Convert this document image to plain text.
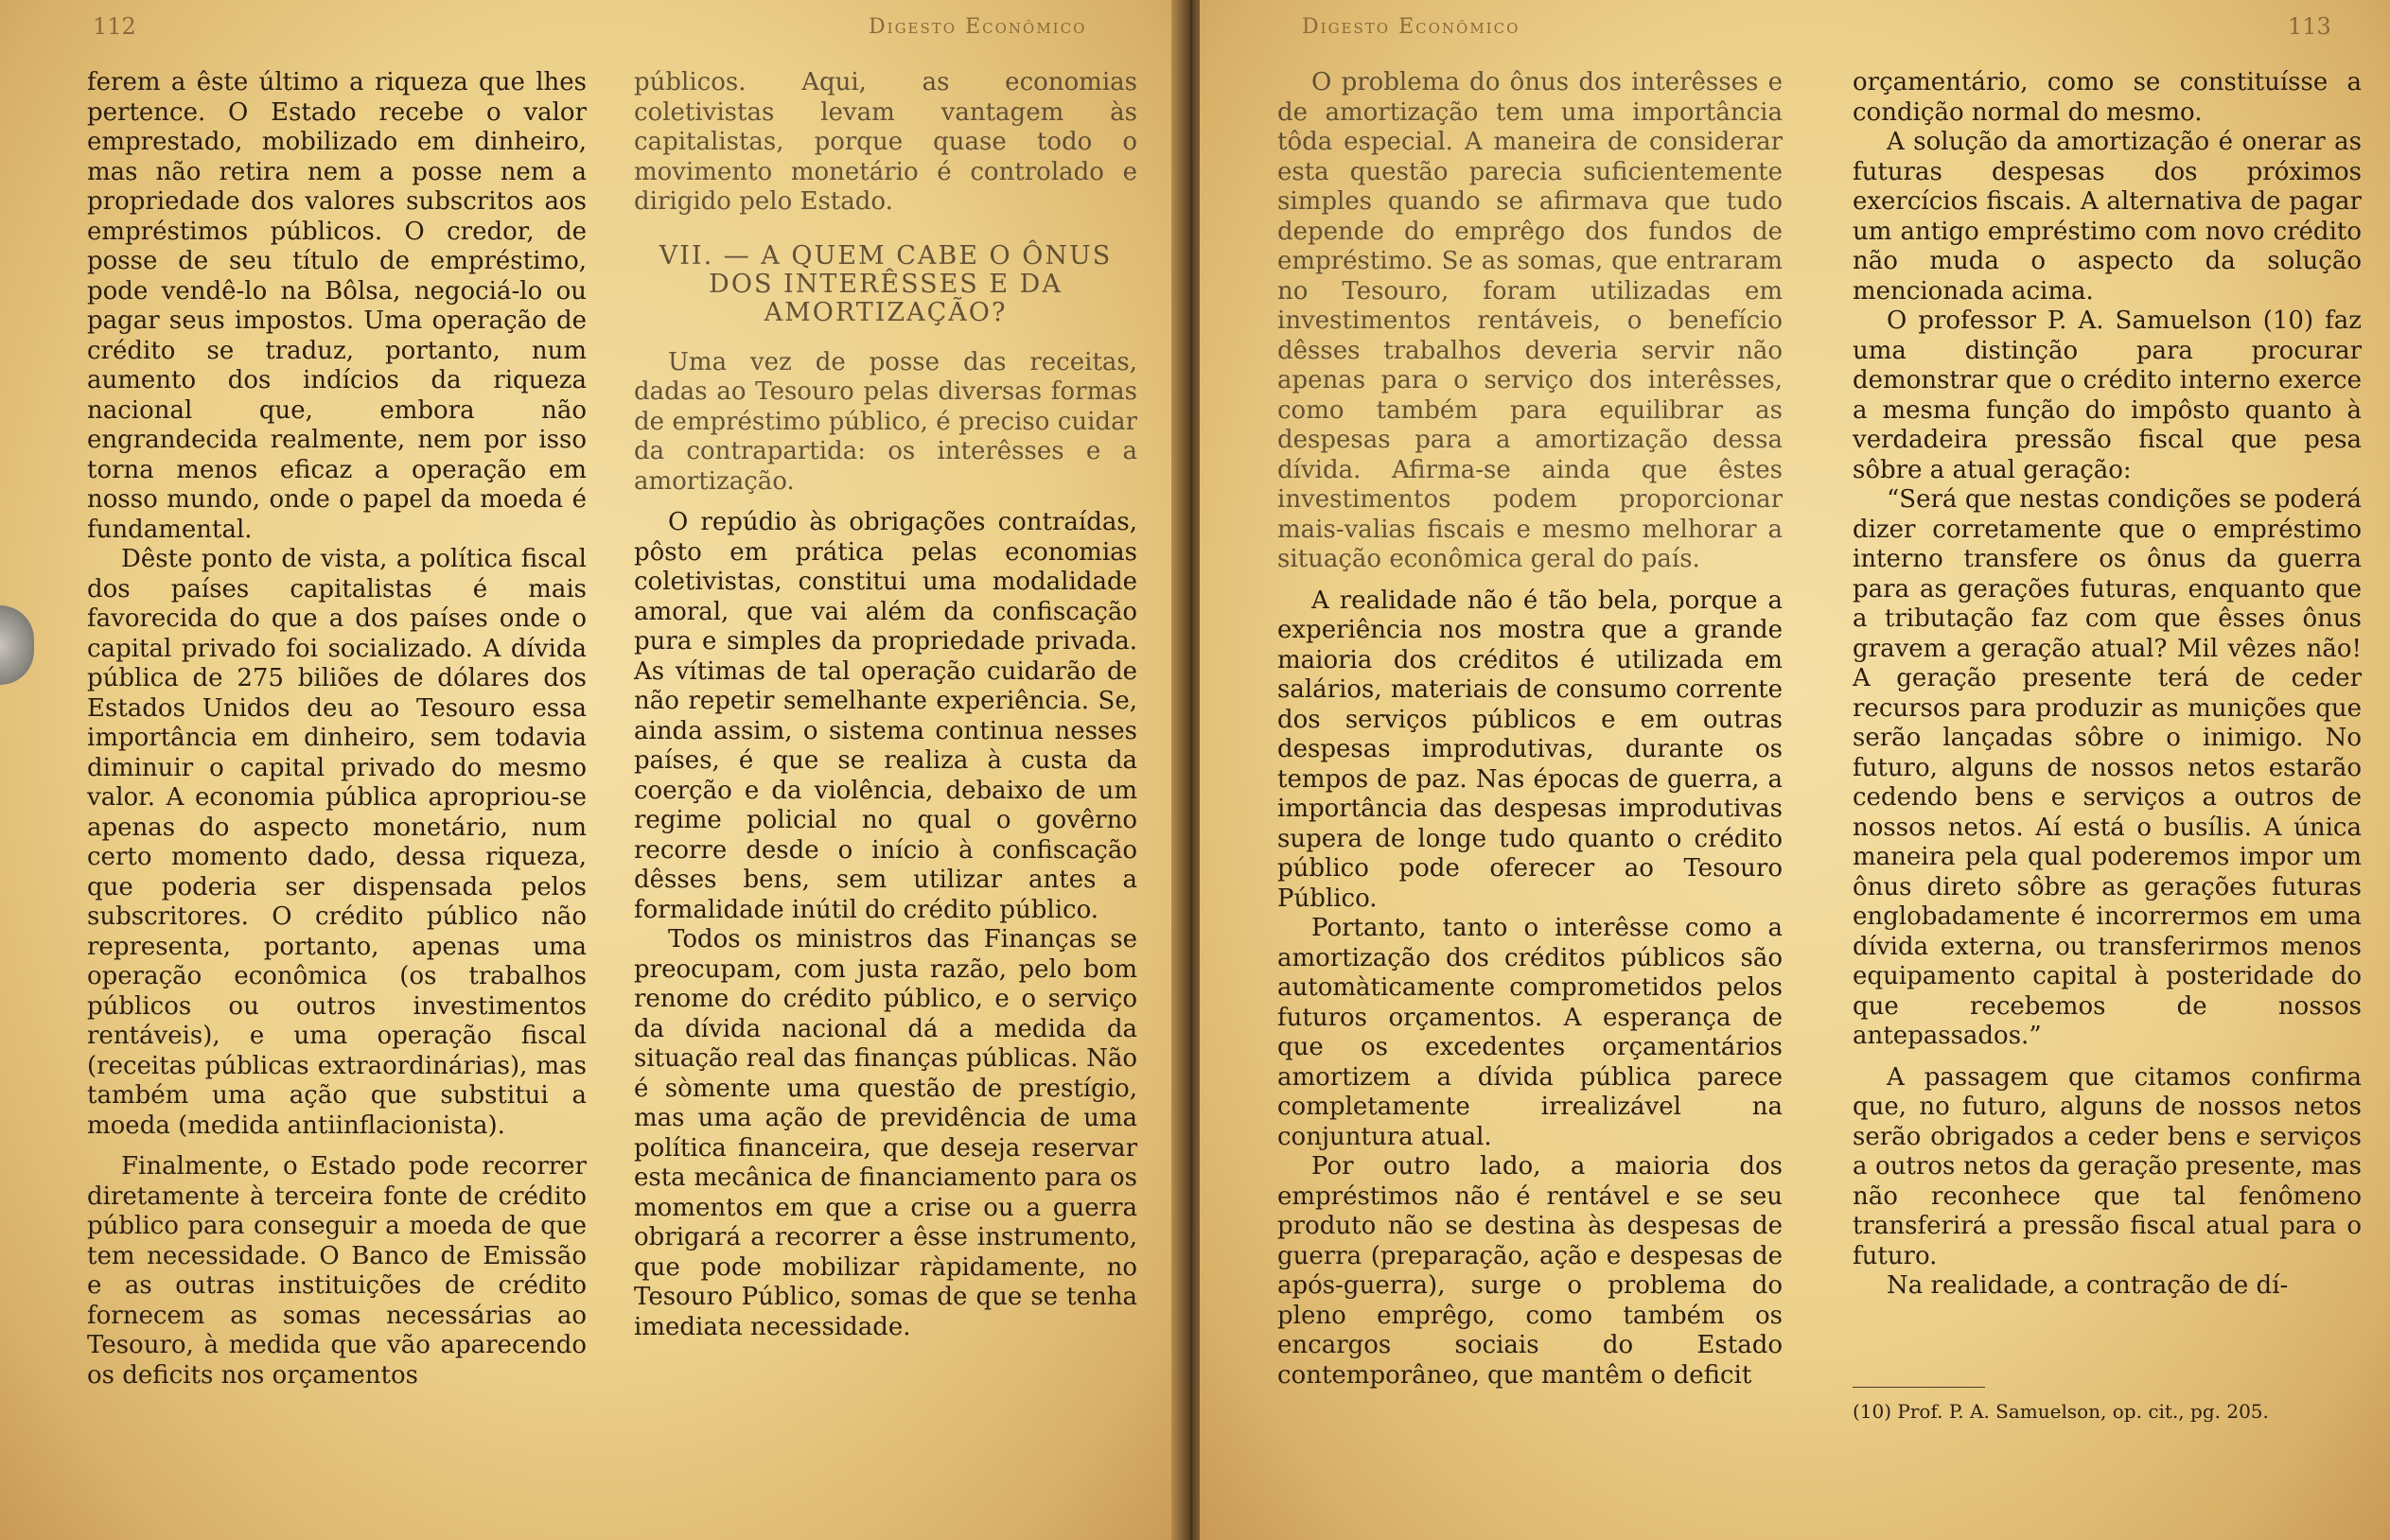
112	Digesto Econômico

ferem a êste último a riqueza que lhes pertence. O Estado recebe o valor emprestado, mobilizado em dinheiro, mas não retira nem a posse nem a propriedade dos valores subscritos aos empréstimos públicos. O credor, de posse de seu título de empréstimo, pode vendê-lo na Bôlsa, negociá-lo ou pagar seus impostos. Uma operação de crédito se traduz, portanto, num aumento dos indícios da riqueza nacional que, embora não engrandecida realmente, nem por isso torna menos eficaz a operação em nosso mundo, onde o papel da moeda é fundamental.

Dêste ponto de vista, a política fiscal dos países capitalistas é mais favorecida do que a dos países onde o capital privado foi socializado. A dívida pública de 275 biliões de dólares dos Estados Unidos deu ao Tesouro essa importância em dinheiro, sem todavia diminuir o capital privado do mesmo valor. A economia pública apropriou-se apenas do aspecto monetário, num certo momento dado, dessa riqueza, que poderia ser dispensada pelos subscritores. O crédito público não representa, portanto, apenas uma operação econômica (os trabalhos públicos ou outros investimentos rentáveis), e uma operação fiscal (receitas públicas extraordinárias), mas também uma ação que substitui a moeda (medida antiinflacionista).

Finalmente, o Estado pode recorrer diretamente à terceira fonte de crédito público para conseguir a moeda de que tem necessidade. O Banco de Emissão e as outras instituições de crédito fornecem as somas necessárias ao Tesouro, à medida que vão aparecendo os deficits nos orçamentos

públicos. Aqui, as economias coletivistas levam vantagem às capitalistas, porque quase todo o movimento monetário é controlado e dirigido pelo Estado.

VII. — A QUEM CABE O ÔNUS DOS INTERÊSSES E DA AMORTIZAÇÃO?

Uma vez de posse das receitas, dadas ao Tesouro pelas diversas formas de empréstimo público, é preciso cuidar da contrapartida: os interêsses e a amortização.

O repúdio às obrigações contraídas, pôsto em prática pelas economias coletivistas, constitui uma modalidade amoral, que vai além da confiscação pura e simples da propriedade privada. As vítimas de tal operação cuidarão de não repetir semelhante experiência. Se, ainda assim, o sistema continua nesses países, é que se realiza à custa da coerção e da violência, debaixo de um regime policial no qual o govêrno recorre desde o início à confiscação dêsses bens, sem utilizar antes a formalidade inútil do crédito público.

Todos os ministros das Finanças se preocupam, com justa razão, pelo bom renome do crédito público, e o serviço da dívida nacional dá a medida da situação real das finanças públicas. Não é sòmente uma questão de prestígio, mas uma ação de previdência de uma política financeira, que deseja reservar esta mecânica de financiamento para os momentos em que a crise ou a guerra obrigará a recorrer a êsse instrumento, que pode mobilizar ràpidamente, no Tesouro Público, somas de que se tenha imediata necessidade.

Digesto Econômico	113

O problema do ônus dos interêsses e de amortização tem uma importância tôda especial. A maneira de considerar esta questão parecia suficientemente simples quando se afirmava que tudo depende do emprêgo dos fundos de empréstimo. Se as somas, que entraram no Tesouro, foram utilizadas em investimentos rentáveis, o benefício dêsses trabalhos deveria servir não apenas para o serviço dos interêsses, como também para equilibrar as despesas para a amortização dessa dívida. Afirma-se ainda que êstes investimentos podem proporcionar mais-valias fiscais e mesmo melhorar a situação econômica geral do país.

A realidade não é tão bela, porque a experiência nos mostra que a grande maioria dos créditos é utilizada em salários, materiais de consumo corrente dos serviços públicos e em outras despesas improdutivas, durante os tempos de paz. Nas épocas de guerra, a importância das despesas improdutivas supera de longe tudo quanto o crédito público pode oferecer ao Tesouro Público.

Portanto, tanto o interêsse como a amortização dos créditos públicos são automàticamente comprometidos pelos futuros orçamentos. A esperança de que os excedentes orçamentários amortizem a dívida pública parece completamente irrealizável na conjuntura atual.

Por outro lado, a maioria dos empréstimos não é rentável e se seu produto não se destina às despesas de guerra (preparação, ação e despesas de após-guerra), surge o problema do pleno emprêgo, como também os encargos sociais do Estado contemporâneo, que mantêm o deficit

orçamentário, como se constituísse a condição normal do mesmo.

A solução da amortização é onerar as futuras despesas dos próximos exercícios fiscais. A alternativa de pagar um antigo empréstimo com novo crédito não muda o aspecto da solução mencionada acima.

O professor P. A. Samuelson (10) faz uma distinção para procurar demonstrar que o crédito interno exerce a mesma função do impôsto quanto à verdadeira pressão fiscal que pesa sôbre a atual geração:

“Será que nestas condições se poderá dizer corretamente que o empréstimo interno transfere os ônus da guerra para as gerações futuras, enquanto que a tributação faz com que êsses ônus gravem a geração atual? Mil vêzes não! A geração presente terá de ceder recursos para produzir as munições que serão lançadas sôbre o inimigo. No futuro, alguns de nossos netos estarão cedendo bens e serviços a outros de nossos netos. Aí está o busílis. A única maneira pela qual poderemos impor um ônus direto sôbre as gerações futuras englobadamente é incorrermos em uma dívida externa, ou transferirmos menos equipamento capital à posteridade do que recebemos de nossos antepassados.”

A passagem que citamos confirma que, no futuro, alguns de nossos netos serão obrigados a ceder bens e serviços a outros netos da geração presente, mas não reconhece que tal fenômeno transferirá a pressão fiscal atual para o futuro.

Na realidade, a contração de dí-

(10) Prof. P. A. Samuelson, op. cit., pg. 205.
